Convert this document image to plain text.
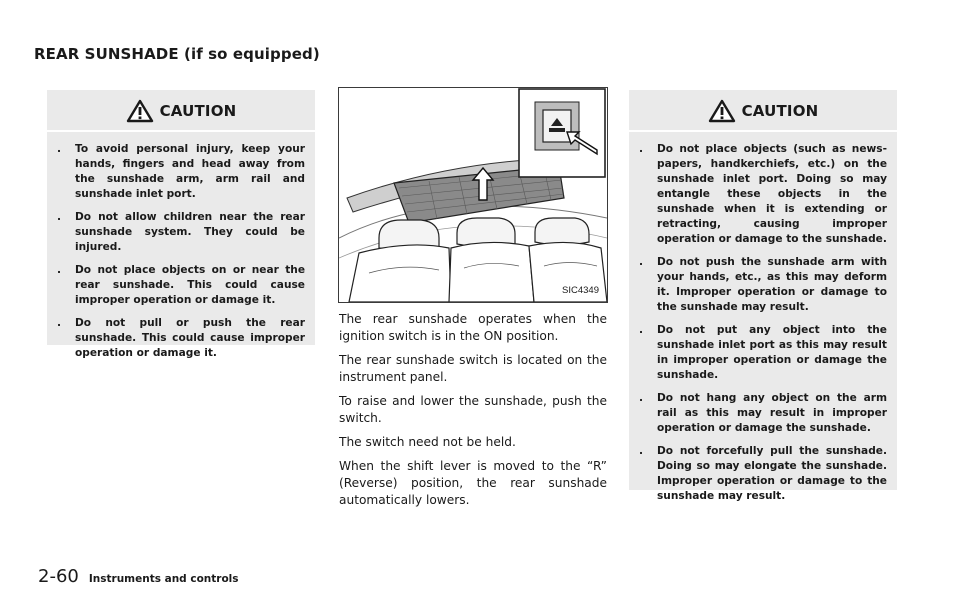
REAR SUNSHADE (if so equipped)
CAUTION
. To avoid personal injury, keep your hands, fingers and head away from the sunshade arm, arm rail and sunshade inlet port.
. Do not allow children near the rear sunshade system. They could be injured.
. Do not place objects on or near the rear sunshade. This could cause improper operation or damage it.
. Do not pull or push the rear sunshade. This could cause improper operation or damage it.
SIC4349

The rear sunshade operates when the ignition switch is in the ON position.

The rear sunshade switch is located on the instrument panel.

To raise and lower the sunshade, push the switch.

The switch need not be held.

When the shift lever is moved to the “R” (Reverse) position, the rear sunshade automatically lowers.

CAUTION
. Do not place objects (such as news-papers, handkerchiefs, etc.) on the sunshade inlet port. Doing so may entangle these objects in the sunshade when it is extending or retracting, causing improper operation or damage to the sunshade.
. Do not push the sunshade arm with your hands, etc., as this may deform it. Improper operation or damage to the sunshade may result.
. Do not put any object into the sunshade inlet port as this may result in improper operation or damage the sunshade.
. Do not hang any object on the arm rail as this may result in improper operation or damage the sunshade.
. Do not forcefully pull the sunshade. Doing so may elongate the sunshade. Improper operation or damage to the sunshade may result.
2-60 Instruments and controls
